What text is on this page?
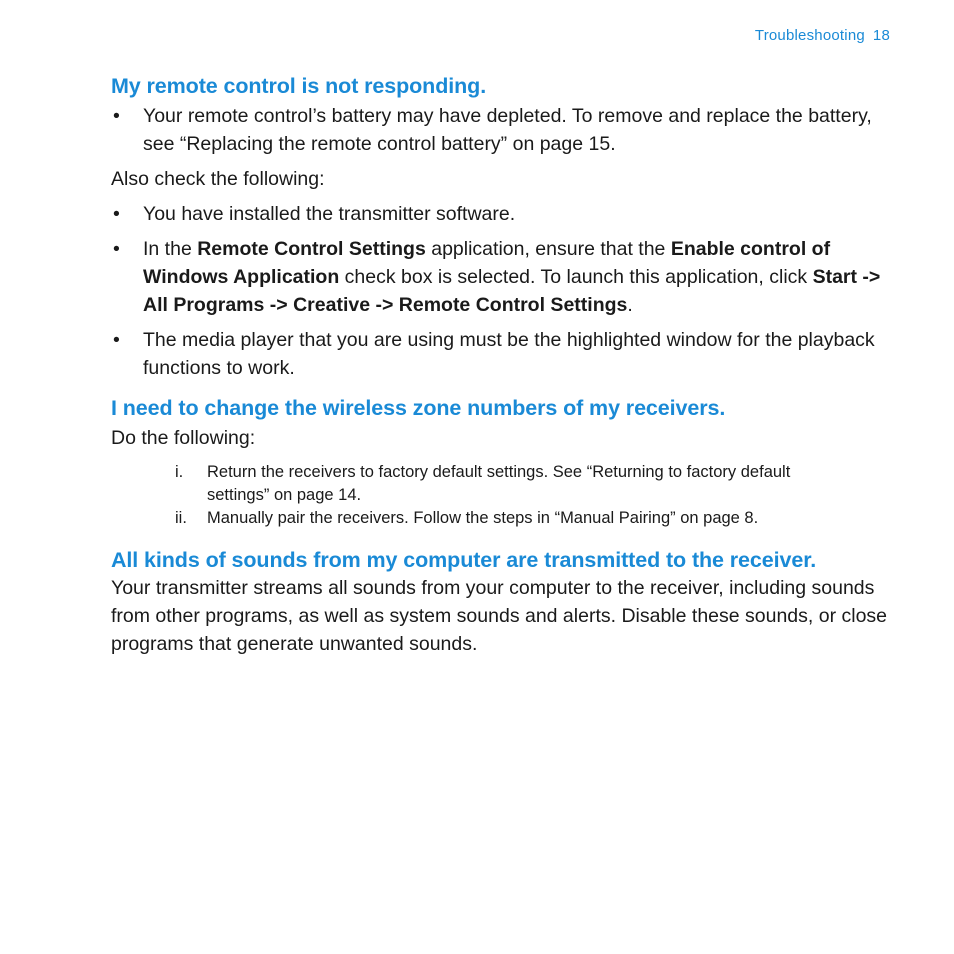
Troubleshooting 18
My remote control is not responding.
• Your remote control’s battery may have depleted. To remove and replace the battery, see “Replacing the remote control battery” on page 15.

Also check the following:

• You have installed the transmitter software.
• In the Remote Control Settings application, ensure that the Enable control of Windows Application check box is selected. To launch this application, click Start -> All Programs -> Creative -> Remote Control Settings.
• The media player that you are using must be the highlighted window for the playback functions to work.
I need to change the wireless zone numbers of my receivers.

Do the following:

i. Return the receivers to factory default settings. See “Returning to factory default settings” on page 14.
ii. Manually pair the receivers. Follow the steps in “Manual Pairing” on page 8.
All kinds of sounds from my computer are transmitted to the receiver.

Your transmitter streams all sounds from your computer to the receiver, including sounds from other programs, as well as system sounds and alerts. Disable these sounds, or close programs that generate unwanted sounds.
